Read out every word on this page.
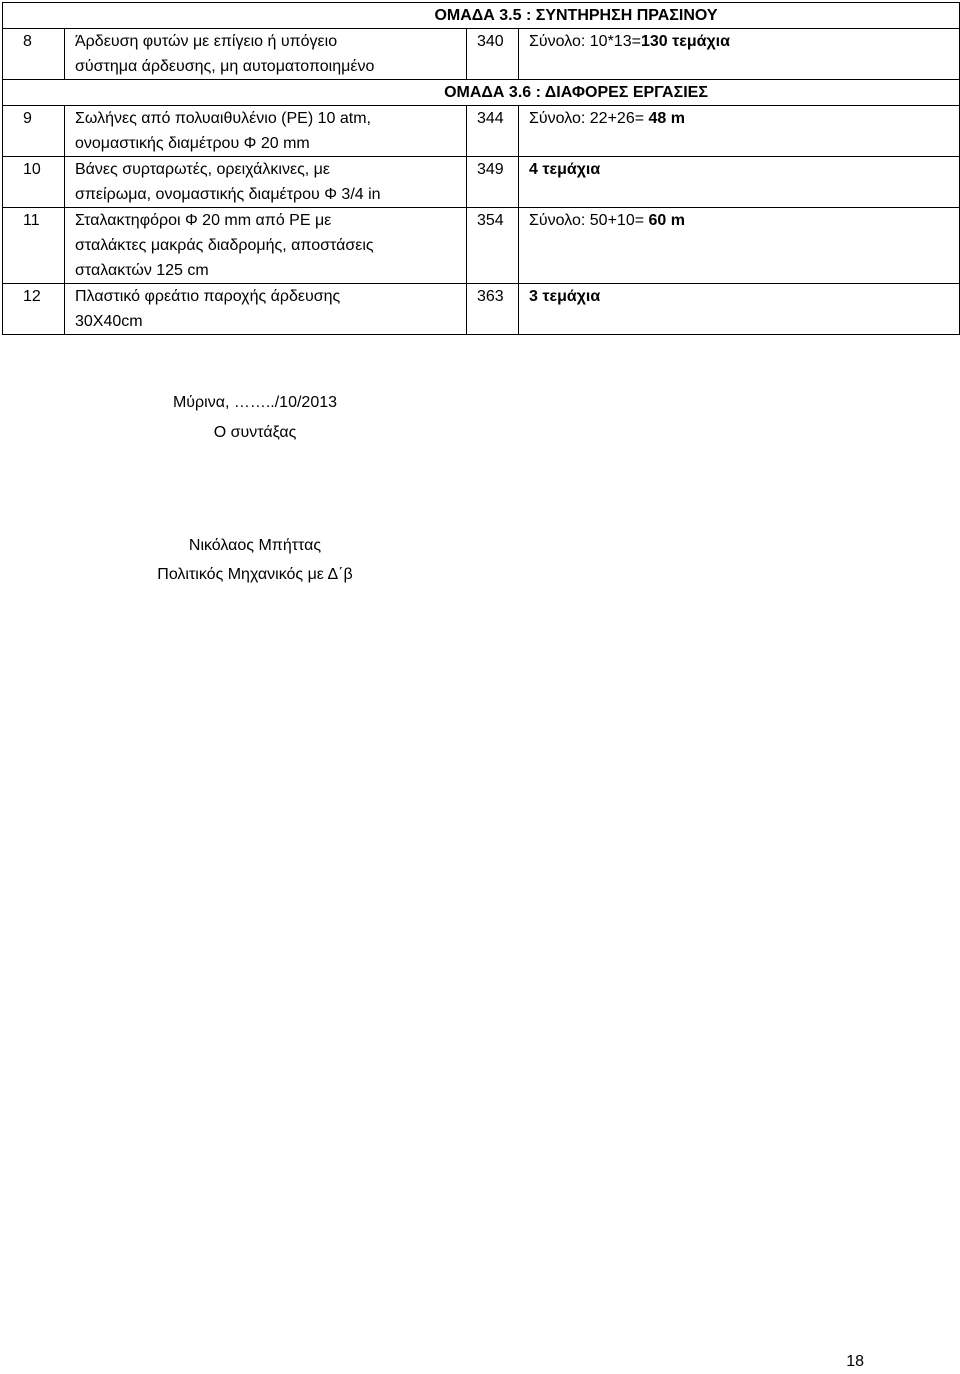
ΟΜΑΔΑ 3.5 : ΣΥΝΤΗΡΗΣΗ ΠΡΑΣΙΝΟΥ			
8	Άρδευση φυτών με επίγειο ή υπόγειο
σύστημα άρδευσης, μη αυτοματοποιημένο	340	Σύνολο: 10*13=130 τεμάχια
ΟΜΑΔΑ 3.6 : ΔΙΑΦΟΡΕΣ ΕΡΓΑΣΙΕΣ			
9	Σωλήνες από πολυαιθυλένιο (PE) 10 atm,
ονομαστικής διαμέτρου Φ 20 mm	344	Σύνολο: 22+26= 48 m
10	Βάνες συρταρωτές, ορειχάλκινες, με
σπείρωμα, ονομαστικής διαμέτρου Φ 3/4 in	349	4 τεμάχια
11	Σταλακτηφόροι Φ 20 mm από PE με
σταλάκτες μακράς διαδρομής, αποστάσεις
σταλακτών 125 cm	354	Σύνολο: 50+10= 60 m
12	Πλαστικό φρεάτιο παροχής άρδευσης
30X40cm	363	3 τεμάχια
Μύρινα, ……../10/2013
Ο συντάξας
Νικόλαος Μπήττας
Πολιτικός Μηχανικός με Δ΄β
18
